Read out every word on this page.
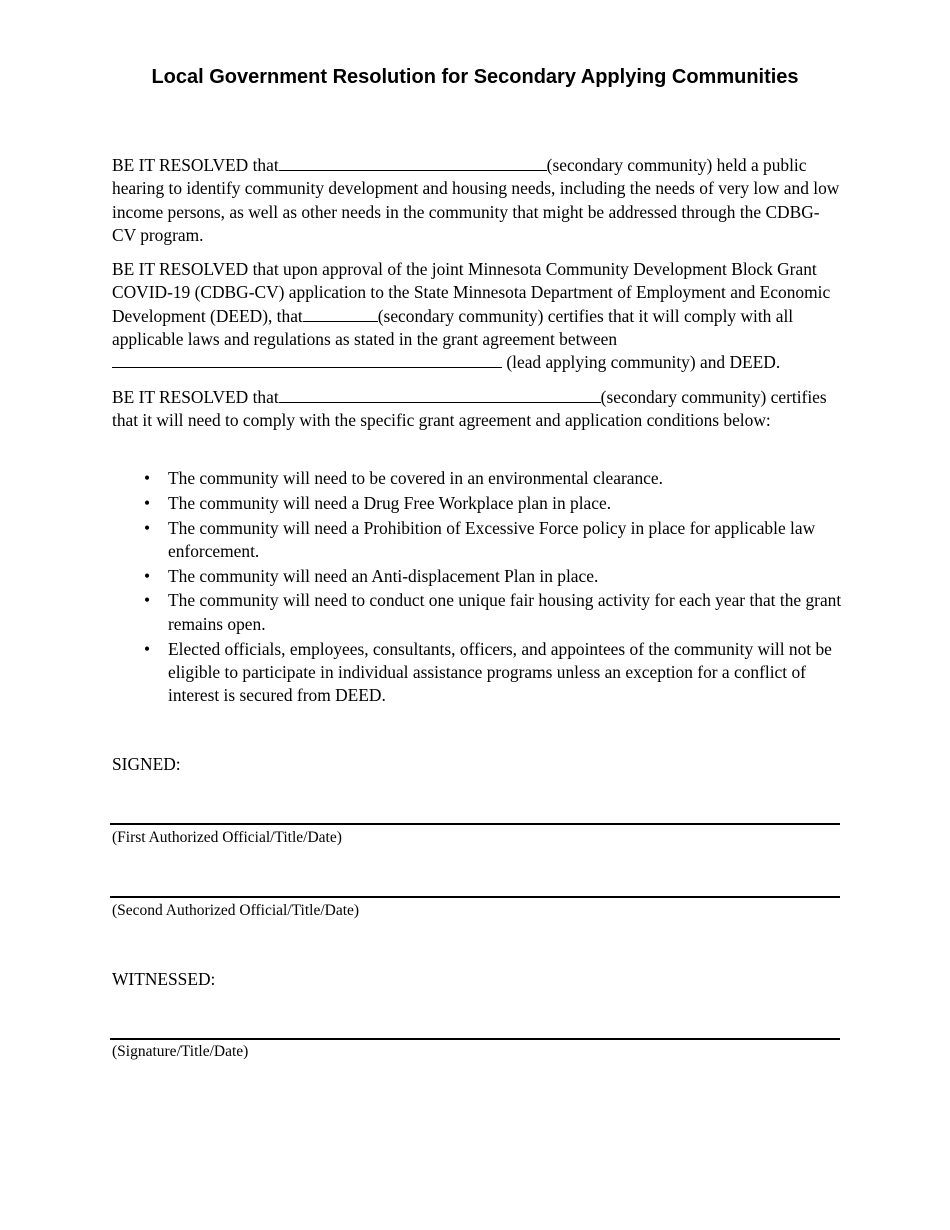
Local Government Resolution for Secondary Applying Communities

BE IT RESOLVED that	(secondary community) held a public hearing to identify community development and housing needs, including the needs of very low and low income persons, as well as other needs in the community that might be addressed through the CDBG-CV program.

BE IT RESOLVED that upon approval of the joint Minnesota Community Development Block Grant COVID-19 (CDBG-CV) application to the State Minnesota Department of Employment and Economic Development (DEED), that	(secondary community) certifies that it will comply with all applicable laws and regulations as stated in the grant agreement between  (lead applying community) and DEED.

BE IT RESOLVED that	(secondary community) certifies that it will need to comply with the specific grant agreement and application conditions below:

• The community will need to be covered in an environmental clearance.
• The community will need a Drug Free Workplace plan in place.
• The community will need a Prohibition of Excessive Force policy in place for applicable law enforcement.
• The community will need an Anti-displacement Plan in place.
• The community will need to conduct one unique fair housing activity for each year that the grant remains open.
• Elected officials, employees, consultants, officers, and appointees of the community will not be eligible to participate in individual assistance programs unless an exception for a conflict of interest is secured from DEED.
SIGNED:
(First Authorized Official/Title/Date)
(Second Authorized Official/Title/Date)
WITNESSED:
(Signature/Title/Date)
